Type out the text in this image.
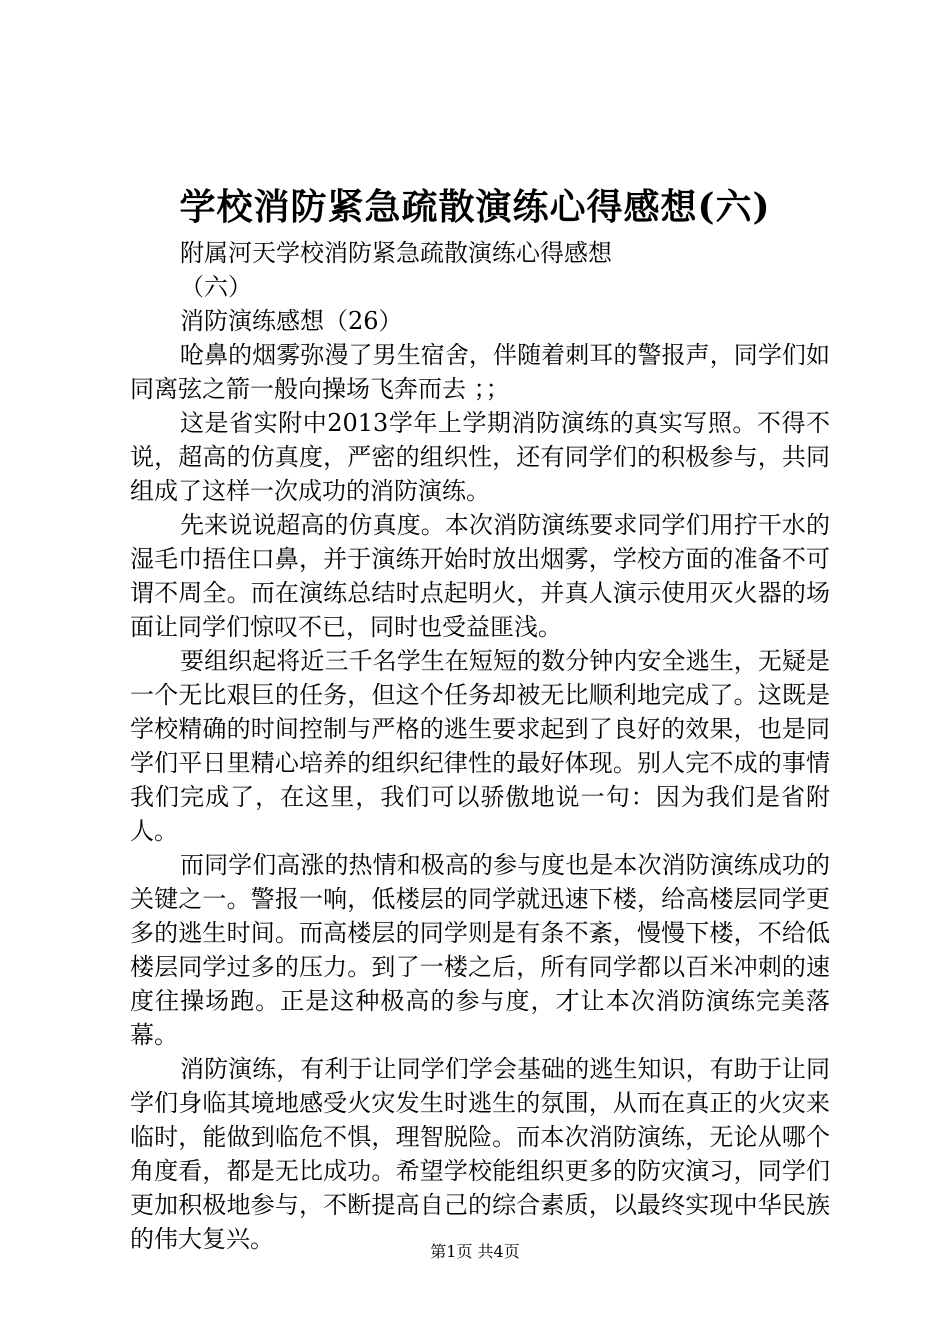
学校消防紧急疏散演练心得感想(六)

附属河天学校消防紧急疏散演练心得感想

（六）

消防演练感想（26）

呛鼻的烟雾弥漫了男生宿舍，伴随着刺耳的警报声，同学们如同离弦之箭一般向操场飞奔而去 ；；

这是省实附中2013学年上学期消防演练的真实写照。不得不说，超高的仿真度，严密的组织性，还有同学们的积极参与，共同组成了这样一次成功的消防演练。

先来说说超高的仿真度。本次消防演练要求同学们用拧干水的湿毛巾捂住口鼻，并于演练开始时放出烟雾，学校方面的准备不可谓不周全。而在演练总结时点起明火，并真人演示使用灭火器的场面让同学们惊叹不已，同时也受益匪浅。

要组织起将近三千名学生在短短的数分钟内安全逃生，无疑是一个无比艰巨的任务，但这个任务却被无比顺利地完成了。这既是学校精确的时间控制与严格的逃生要求起到了良好的效果，也是同学们平日里精心培养的组织纪律性的最好体现。别人完不成的事情我们完成了，在这里，我们可以骄傲地说一句：因为我们是省附人。

而同学们高涨的热情和极高的参与度也是本次消防演练成功的关键之一。警报一响，低楼层的同学就迅速下楼，给高楼层同学更多的逃生时间。而高楼层的同学则是有条不紊，慢慢下楼，不给低楼层同学过多的压力。到了一楼之后，所有同学都以百米冲刺的速度往操场跑。正是这种极高的参与度，才让本次消防演练完美落幕。

消防演练，有利于让同学们学会基础的逃生知识，有助于让同学们身临其境地感受火灾发生时逃生的氛围，从而在真正的火灾来临时，能做到临危不惧，理智脱险。而本次消防演练，无论从哪个角度看，都是无比成功。希望学校能组织更多的防灾演习，同学们更加积极地参与，不断提高自己的综合素质，以最终实现中华民族的伟大复兴。	第1页 共4页
